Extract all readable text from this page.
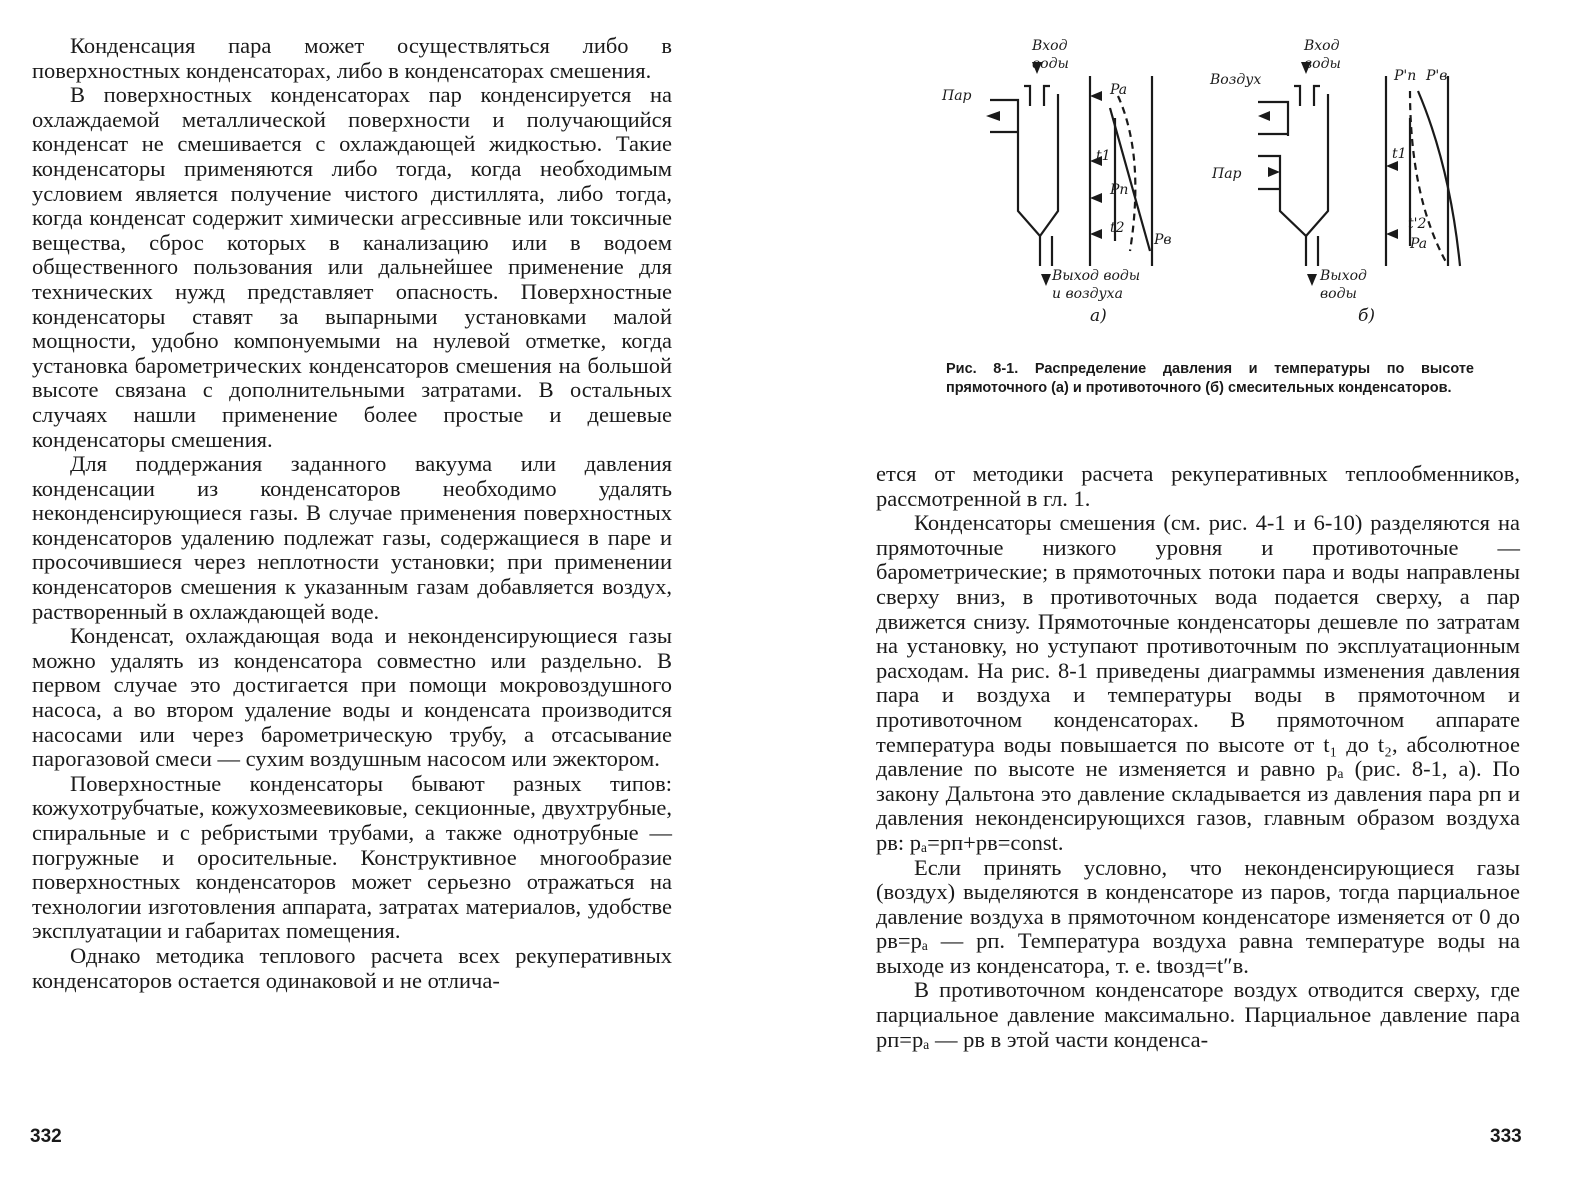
Конденсация пара может осуществляться либо в поверхностных конденсаторах, либо в конденсаторах смешения.

В поверхностных конденсаторах пар конденсируется на охлаждаемой металлической поверхности и получающийся конденсат не смешивается с охлаждающей жидкостью. Такие конденсаторы применяются либо тогда, когда необходимым условием является получение чистого дистиллята, либо тогда, когда конденсат содержит химически агрессивные или токсичные вещества, сброс которых в канализацию или в водоем общественного пользования или дальнейшее применение для технических нужд представляет опасность. Поверхностные конденсаторы ставят за выпарными установками малой мощности, удобно компонуемыми на нулевой отметке, когда установка барометрических конденсаторов смешения на большой высоте связана с дополнительными затратами. В остальных случаях нашли применение более простые и дешевые конденсаторы смешения.

Для поддержания заданного вакуума или давления конденсации из конденсаторов необходимо удалять неконденсирующиеся газы. В случае применения поверхностных конденсаторов удалению подлежат газы, содержащиеся в паре и просочившиеся через неплотности установки; при применении конденсаторов смешения к указанным газам добавляется воздух, растворенный в охлаждающей воде.

Конденсат, охлаждающая вода и неконденсирующиеся газы можно удалять из конденсатора совместно или раздельно. В первом случае это достигается при помощи мокровоздушного насоса, а во втором удаление воды и конденсата производится насосами или через барометрическую трубу, а отсасывание парогазовой смеси — сухим воздушным насосом или эжектором.

Поверхностные конденсаторы бывают разных типов: кожухотрубчатые, кожухозмеевиковые, секционные, двухтрубные, спиральные и с ребристыми трубами, а также однотрубные — погружные и оросительные. Конструктивное многообразие поверхностных конденсаторов может серьезно отражаться на технологии изготовления аппарата, затратах материалов, удобстве эксплуатации и габаритах помещения.

Однако методика теплового расчета всех рекуперативных конденсаторов остается одинаковой и не отлича-

332
Вход
воды
Пар
Выход воды
и воздуха
Pa
t1
Pп
t2
Pв
а)
Вход
воды
Воздух
Пар
Выход
воды
P'п P'в
t1
t'2
Pa
б)

Рис. 8-1. Распределение давления и температуры по высоте прямоточного (а) и противоточного (б) смесительных конденсаторов.

ется от методики расчета рекуперативных теплообменников, рассмотренной в гл. 1.

Конденсаторы смешения (см. рис. 4-1 и 6-10) разделяются на прямоточные низкого уровня и противоточные — барометрические; в прямоточных потоки пара и воды направлены сверху вниз, в противоточных вода подается сверху, а пар движется снизу. Прямоточные конденсаторы дешевле по затратам на установку, но уступают противоточным по эксплуатационным расходам. На рис. 8-1 приведены диаграммы изменения давления пара и воздуха и температуры воды в прямоточном и противоточном конденсаторах. В прямоточном аппарате температура воды повышается по высоте от t₁ до t₂, абсолютное давление по высоте не изменяется и равно pₐ (рис. 8-1, а). По закону Дальтона это давление складывается из давления пара pп и давления неконденсирующихся газов, главным образом воздуха pв: pₐ=pп+pв=const.

Если принять условно, что неконденсирующиеся газы (воздух) выделяются в конденсаторе из паров, тогда парциальное давление воздуха в прямоточном конденсаторе изменяется от 0 до pв=pₐ — pп. Температура воздуха равна температуре воды на выходе из конденсатора, т. е. tвозд=t″в.

В противоточном конденсаторе воздух отводится сверху, где парциальное давление максимально. Парциальное давление пара pп=pₐ — pв в этой части конденса-

333
